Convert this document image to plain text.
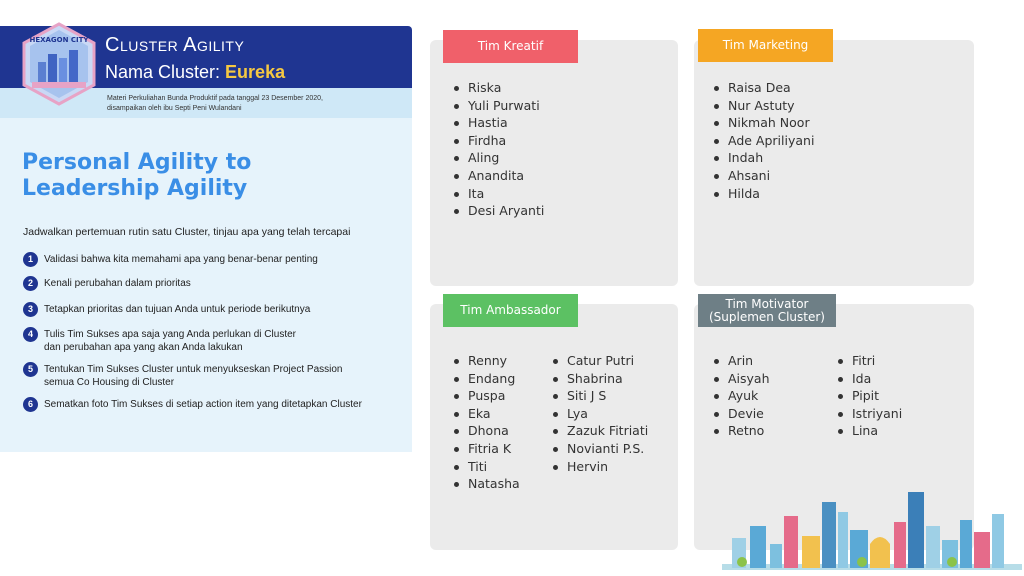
Cluster Agility
Nama Cluster: Eureka
Materi Perkuliahan Bunda Produktif pada tanggal 23 Desember 2020,
disampaikan oleh ibu Septi Peni Wulandani
HEXAGON CITY
Personal Agility to
Leadership Agility
Jadwalkan pertemuan rutin satu Cluster, tinjau apa yang telah tercapai
1	Validasi bahwa kita memahami apa yang benar-benar penting
2	Kenali perubahan dalam prioritas
3	Tetapkan prioritas dan tujuan Anda untuk periode berikutnya
4	Tulis Tim Sukses apa saja yang Anda perlukan di Cluster
dan perubahan apa yang akan Anda lakukan
5	Tentukan Tim Sukses Cluster untuk menyukseskan Project Passion
semua Co Housing di Cluster
6	Sematkan foto Tim Sukses di setiap action item yang ditetapkan Cluster
Tim Kreatif
Riska
Yuli Purwati
Hastia
Firdha
Aling
Anandita
Ita
Desi Aryanti
Tim Marketing
Raisa Dea
Nur Astuty
Nikmah Noor
Ade Apriliyani
Indah
Ahsani
Hilda
Tim Ambassador
Renny
Endang
Puspa
Eka
Dhona
Fitria K
Titi
Natasha
Catur Putri
Shabrina
Siti J S
Lya
Zazuk Fitriati
Novianti P.S.
Hervin
Tim Motivator
(Suplemen Cluster)
Arin
Aisyah
Ayuk
Devie
Retno
Fitri
Ida
Pipit
Istriyani
Lina
